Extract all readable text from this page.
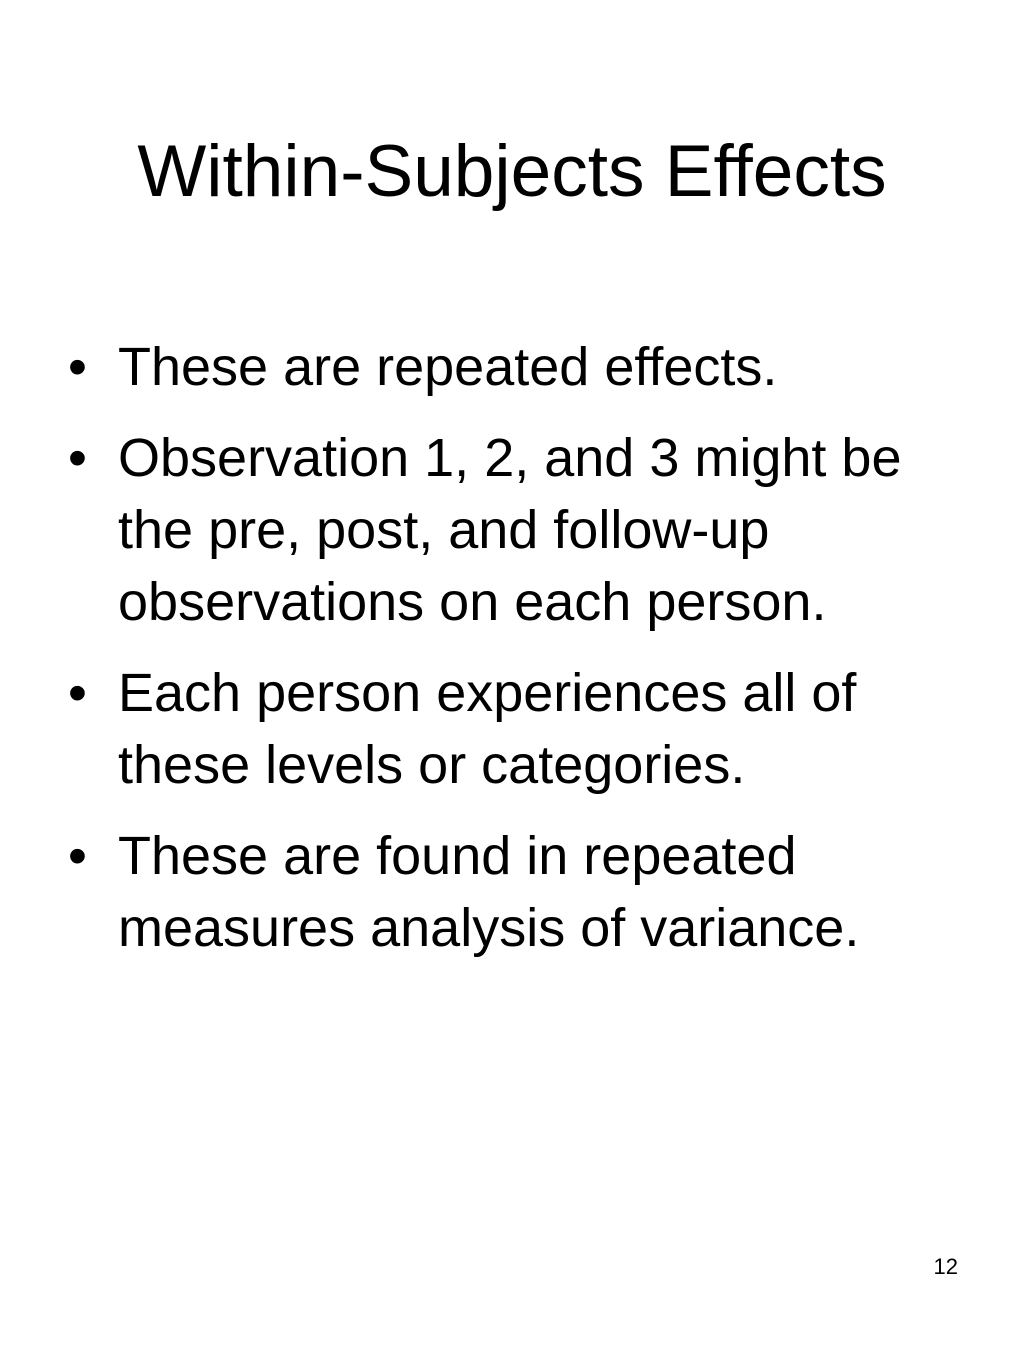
Within-Subjects Effects
• These are repeated effects.
• Observation 1, 2, and 3 might be the pre, post, and follow-up observations on each person.
• Each person experiences all of these levels or categories.
• These are found in repeated measures analysis of variance.
12
